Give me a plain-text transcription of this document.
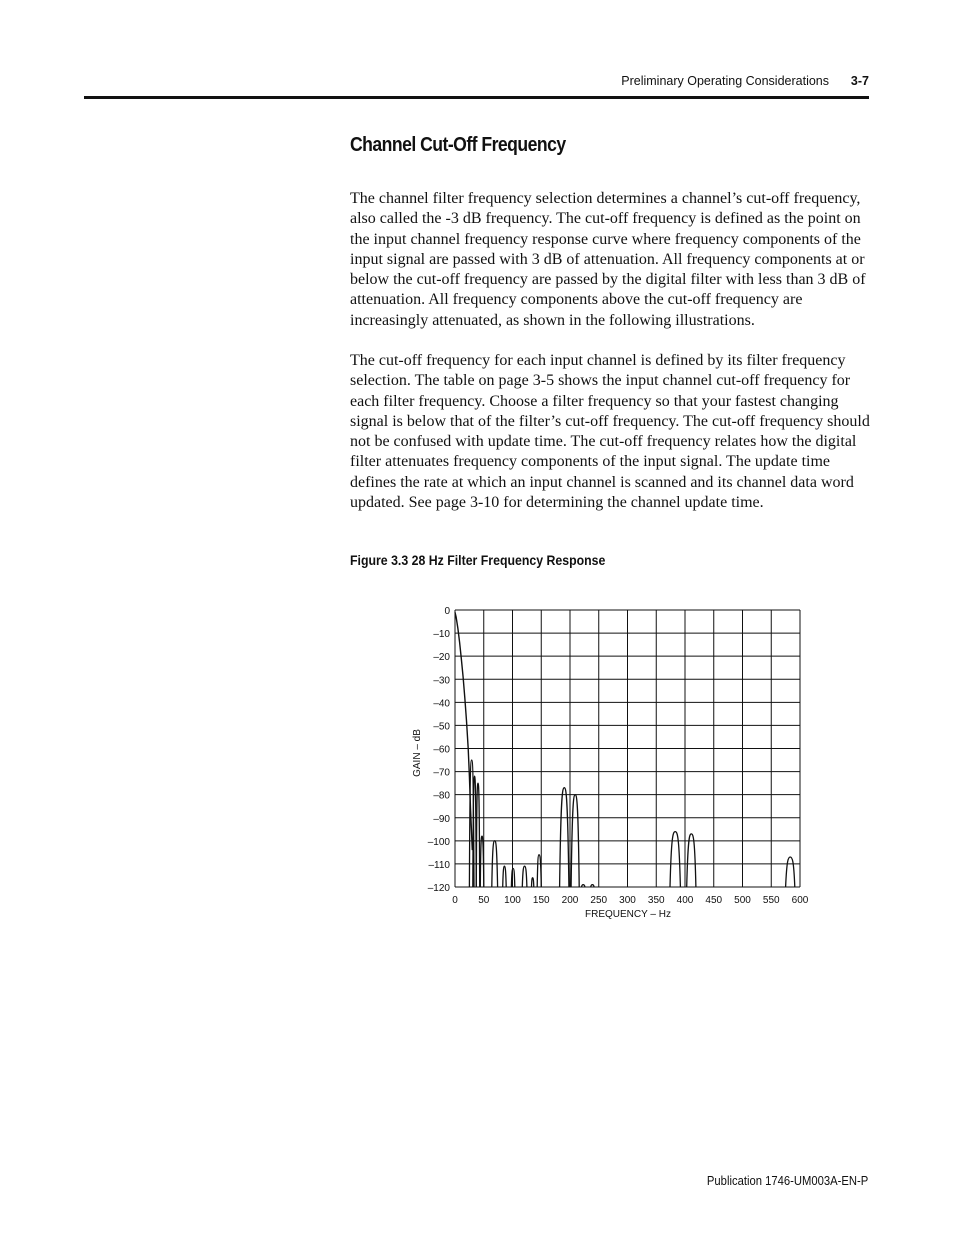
Preliminary Operating Considerations 3-7
Channel Cut-Off Frequency

The channel filter frequency selection determines a channel’s cut-off frequency, also called the -3 dB frequency. The cut-off frequency is defined as the point on the input channel frequency response curve where frequency components of the input signal are passed with 3 dB of attenuation. All frequency components at or below the cut-off frequency are passed by the digital filter with less than 3 dB of attenuation. All frequency components above the cut-off frequency are increasingly attenuated, as shown in the following illustrations.

The cut-off frequency for each input channel is defined by its filter frequency selection. The table on page 3-5 shows the input channel cut-off frequency for each filter frequency. Choose a filter frequency so that your fastest changing signal is below that of the filter’s cut-off frequency. The cut-off frequency should not be confused with update time. The cut-off frequency relates how the digital filter attenuates frequency components of the input signal. The update time defines the rate at which an input channel is scanned and its channel data word updated. See page 3-10 for determining the channel update time.

Figure 3.3 28 Hz Filter Frequency Response
0 50 100 150 200 250 300 350 400 450 500 550 600
0
–10
–20
–30
–40
–50
–60
–70
–80
–90
–100
–110
–120
FREQUENCY – Hz
GAIN – dB
Publication 1746-UM003A-EN-P
